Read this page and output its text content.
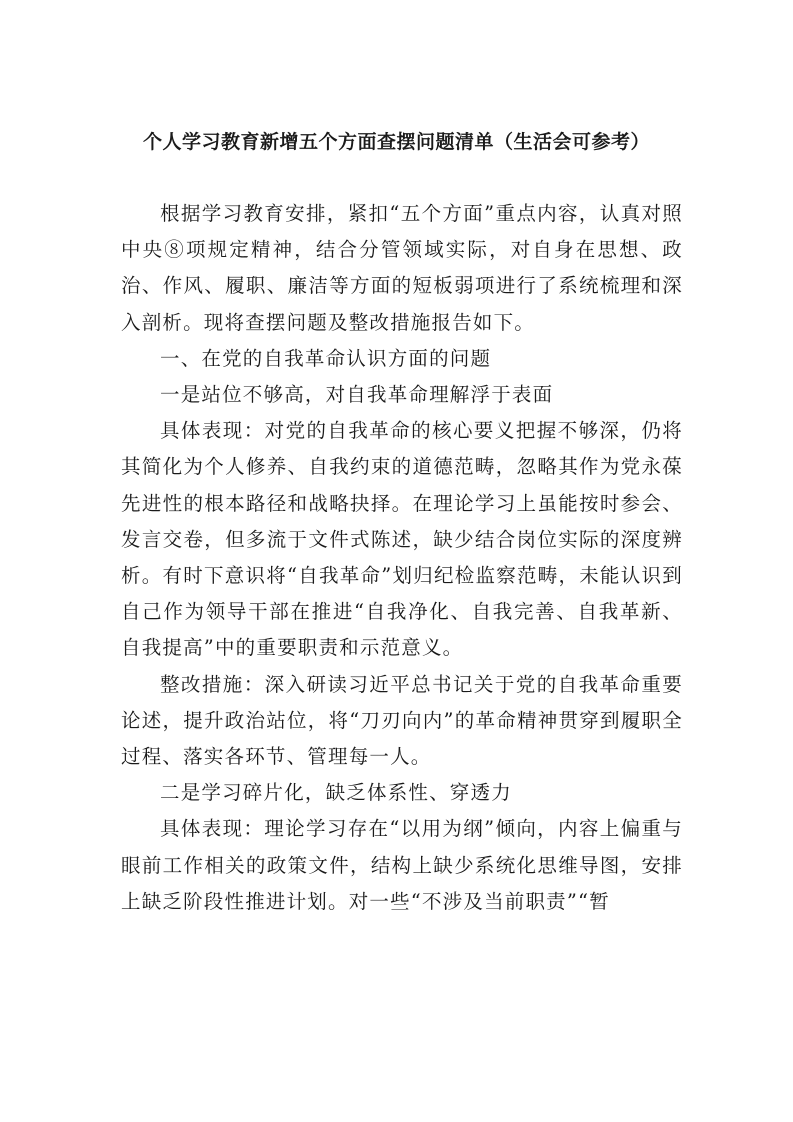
个人学习教育新增五个方面查摆问题清单（生活会可参考）

根据学习教育安排，紧扣“五个方面”重点内容，认真对照中央⑧项规定精神，结合分管领域实际，对自身在思想、政治、作风、履职、廉洁等方面的短板弱项进行了系统梳理和深入剖析。现将查摆问题及整改措施报告如下。

一、在党的自我革命认识方面的问题

一是站位不够高，对自我革命理解浮于表面

具体表现：对党的自我革命的核心要义把握不够深，仍将其简化为个人修养、自我约束的道德范畴，忽略其作为党永葆先进性的根本路径和战略抉择。在理论学习上虽能按时参会、发言交卷，但多流于文件式陈述，缺少结合岗位实际的深度辨析。有时下意识将“自我革命”划归纪检监察范畴，未能认识到自己作为领导干部在推进“自我净化、自我完善、自我革新、自我提高”中的重要职责和示范意义。

整改措施：深入研读习近平总书记关于党的自我革命重要论述，提升政治站位，将“刀刃向内”的革命精神贯穿到履职全过程、落实各环节、管理每一人。

二是学习碎片化，缺乏体系性、穿透力

具体表现：理论学习存在“以用为纲”倾向，内容上偏重与眼前工作相关的政策文件，结构上缺少系统化思维导图，安排上缺乏阶段性推进计划。对一些“不涉及当前职责”“暂
